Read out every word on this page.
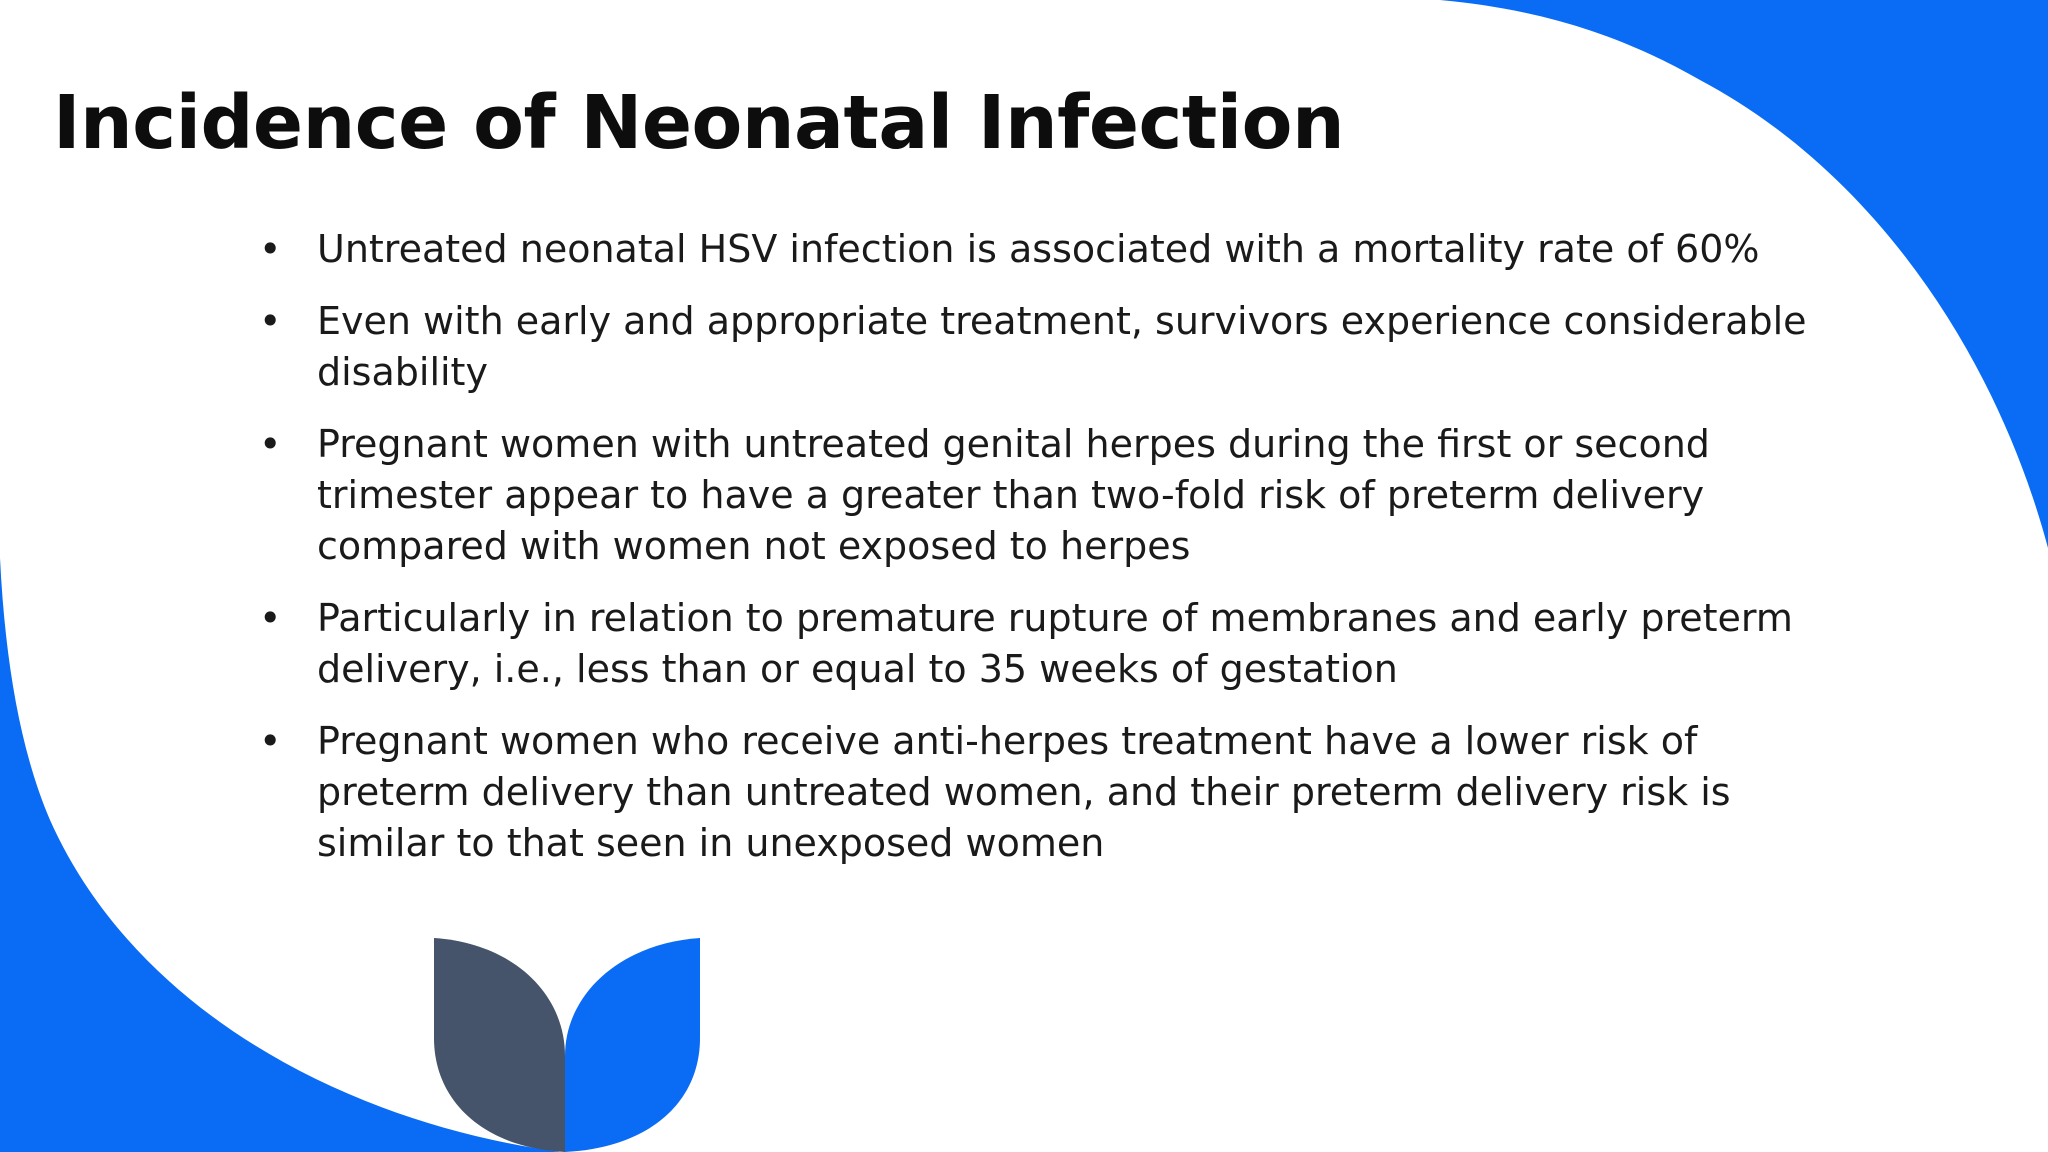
Incidence of Neonatal Infection
• Untreated neonatal HSV infection is associated with a mortality rate of 60%
• Even with early and appropriate treatment, survivors experience considerable disability
• Pregnant women with untreated genital herpes during the first or second trimester appear to have a greater than two-fold risk of preterm delivery compared with women not exposed to herpes
• Particularly in relation to premature rupture of membranes and early preterm delivery, i.e., less than or equal to 35 weeks of gestation
• Pregnant women who receive anti-herpes treatment have a lower risk of preterm delivery than untreated women, and their preterm delivery risk is similar to that seen in unexposed women
